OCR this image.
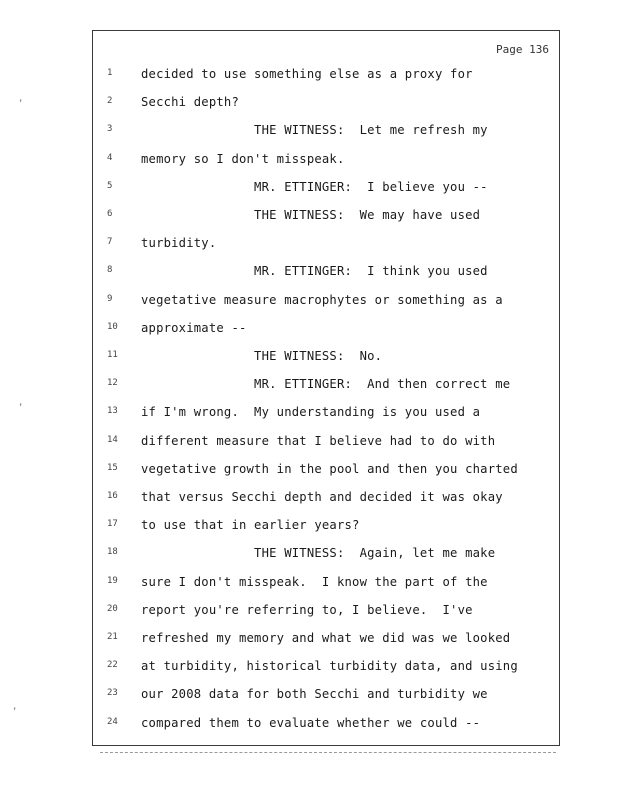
,
,
,
Page 136
1	decided to use something else as a proxy for
2	Secchi depth?
3	THE WITNESS:  Let me refresh my
4	memory so I don't misspeak.
5	MR. ETTINGER:  I believe you --
6	THE WITNESS:  We may have used
7	turbidity.
8	MR. ETTINGER:  I think you used
9	vegetative measure macrophytes or something as a
10	approximate --
11	THE WITNESS:  No.
12	MR. ETTINGER:  And then correct me
13	if I'm wrong.  My understanding is you used a
14	different measure that I believe had to do with
15	vegetative growth in the pool and then you charted
16	that versus Secchi depth and decided it was okay
17	to use that in earlier years?
18	THE WITNESS:  Again, let me make
19	sure I don't misspeak.  I know the part of the
20	report you're referring to, I believe.  I've
21	refreshed my memory and what we did was we looked
22	at turbidity, historical turbidity data, and using
23	our 2008 data for both Secchi and turbidity we
24	compared them to evaluate whether we could --
